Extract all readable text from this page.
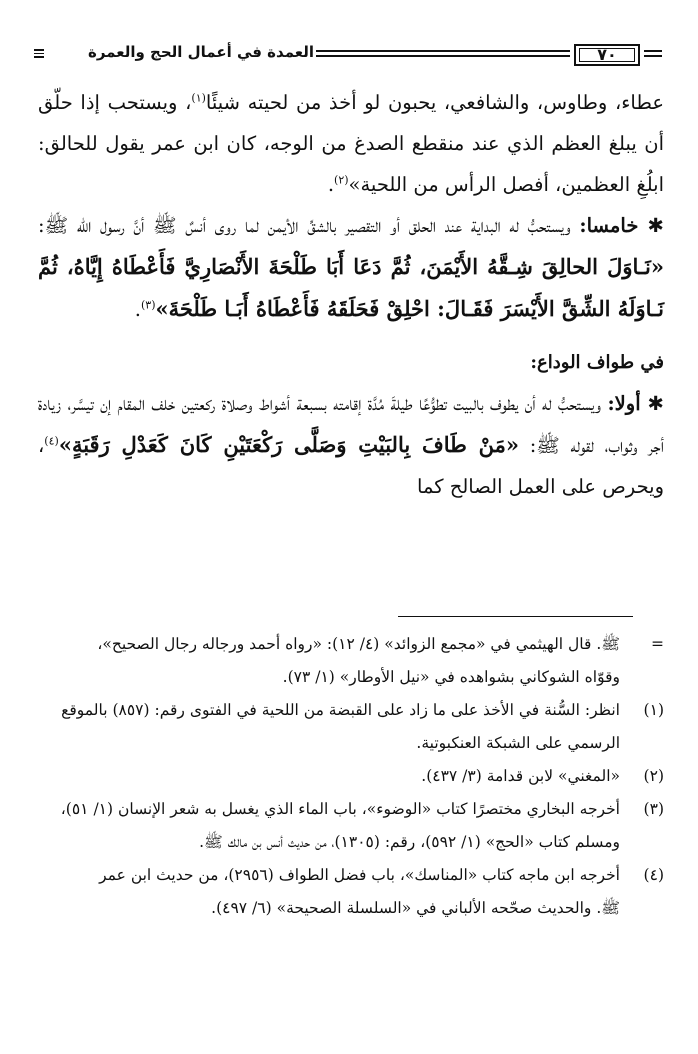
٧٠
العمدة في أعمال الحج والعمرة

عطاء، وطاوس، والشافعي، يحبون لو أخذ من لحيته شيئًا$^{(١)}$، ويستحب إذا حلّق أن يبلغ العظم الذي عند منقطع الصدغ من الوجه، كان ابن عمر يقول للحالق: ابلُغِ العظمين، أفصل الرأس من اللحية»$^{(٢)}$.

✱ خامسا: ويستحبُّ له البداية عند الحلق أو التقصير بالشقِّ الأيمن لما روى أنسٌ ﷺ أنَّ رسول الله ﷺ: «نَـاوَلَ الحالِقَ شِـقَّهُ الأَيْمَنَ، ثُمَّ دَعَا أَبَا طَلْحَةَ الأَنْصَارِيَّ فَأَعْطَاهُ إِيَّاهُ، ثُمَّ نَـاوَلَهُ الشِّقَّ الأَيْسَرَ فَقَـالَ: احْلِقْ فَحَلَقَهُ فَأَعْطَاهُ أَبَـا طَلْحَةَ»$^{(٣)}$.

في طواف الوداع:

✱ أولا: ويستحبُّ له أن يطوف بالبيت تطوُّعًا طيلةَ مُدَّة إقامته بسبعة أشواط وصلاة ركعتين خلف المقام إن تيسَّر، زيادة أجر وثواب، لقوله ﷺ: «مَنْ طَافَ بِالبَيْتِ وَصَلَّى رَكْعَتَيْنِ كَانَ كَعَدْلِ رَقَبَةٍ»$^{(٤)}$، ويحرص على العمل الصالح كما

=
ﷺ. قال الهيثمي في «مجمع الزوائد» (٤/ ١٢): «رواه أحمد ورجاله رجال الصحيح»،
وقوّاه الشوكاني بشواهده في «نيل الأوطار» (١/ ٧٣).
(١)
انظر: السُّنة في الأخذ على ما زاد على القبضة من اللحية في الفتوى رقم: (٨٥٧) بالموقع
الرسمي على الشبكة العنكبوتية.
(٢)
«المغني» لابن قدامة (٣/ ٤٣٧).
(٣)
أخرجه البخاري مختصرًا كتاب «الوضوء»، باب الماء الذي يغسل به شعر الإنسان (١/ ٥١)،
ومسلم كتاب «الحج» (١/ ٥٩٢)، رقم: (١٣٠٥)، من حديث أنس بن مالك ﷺ.
(٤)
أخرجه ابن ماجه كتاب «المناسك»، باب فضل الطواف (٢٩٥٦)، من حديث ابن عمر
ﷺ. والحديث صحّحه الألباني في «السلسلة الصحيحة» (٦/ ٤٩٧).
